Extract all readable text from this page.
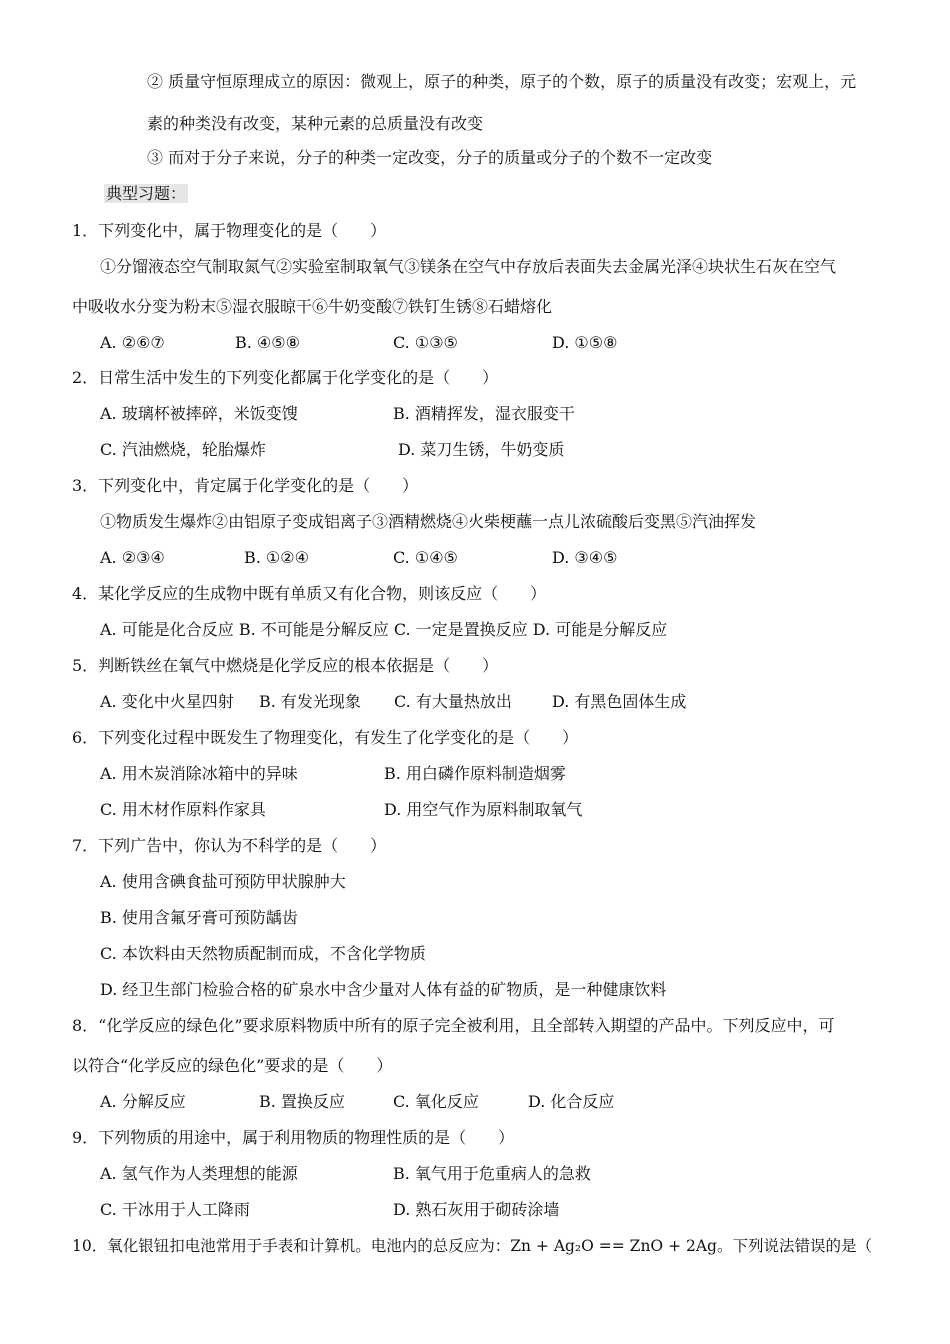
② 质量守恒原理成立的原因：微观上，原子的种类，原子的个数，原子的质量没有改变；宏观上，元
素的种类没有改变，某种元素的总质量没有改变
③ 而对于分子来说，分子的种类一定改变，分子的质量或分子的个数不一定改变
典型习题：
1．下列变化中，属于物理变化的是（　　）
①分馏液态空气制取氮气②实验室制取氧气③镁条在空气中存放后表面失去金属光泽④块状生石灰在空气
中吸收水分变为粉末⑤湿衣服晾干⑥牛奶变酸⑦铁钉生锈⑧石蜡熔化
A. ②⑥⑦	B. ④⑤⑧	C. ①③⑤	D. ①⑤⑧
2．日常生活中发生的下列变化都属于化学变化的是（　　）
A. 玻璃杯被摔碎，米饭变馊	B. 酒精挥发，湿衣服变干
C. 汽油燃烧，轮胎爆炸	D. 菜刀生锈，牛奶变质
3．下列变化中，肯定属于化学变化的是（　　）
①物质发生爆炸②由铝原子变成铝离子③酒精燃烧④火柴梗蘸一点儿浓硫酸后变黑⑤汽油挥发
A. ②③④	B. ①②④	C. ①④⑤	D. ③④⑤
4．某化学反应的生成物中既有单质又有化合物，则该反应（　　）
A. 可能是化合反应 B. 不可能是分解反应 C. 一定是置换反应 D. 可能是分解反应
5．判断铁丝在氧气中燃烧是化学反应的根本依据是（　　）
A. 变化中火星四射 B. 有发光现象 C. 有大量热放出	D. 有黑色固体生成
6．下列变化过程中既发生了物理变化，有发生了化学变化的是（　　）
A. 用木炭消除冰箱中的异味	B. 用白磷作原料制造烟雾
C. 用木材作原料作家具	D. 用空气作为原料制取氧气
7．下列广告中，你认为不科学的是（　　）
A. 使用含碘食盐可预防甲状腺肿大
B. 使用含氟牙膏可预防龋齿
C. 本饮料由天然物质配制而成，不含化学物质
D. 经卫生部门检验合格的矿泉水中含少量对人体有益的矿物质，是一种健康饮料
8．“化学反应的绿色化”要求原料物质中所有的原子完全被利用，且全部转入期望的产品中。下列反应中，可
以符合“化学反应的绿色化”要求的是（　　）
A. 分解反应	B. 置换反应	C. 氧化反应	D. 化合反应
9．下列物质的用途中，属于利用物质的物理性质的是（　　）
A. 氢气作为人类理想的能源	B. 氧气用于危重病人的急救
C. 干冰用于人工降雨	D. 熟石灰用于砌砖涂墙
10．氧化银钮扣电池常用于手表和计算机。电池内的总反应为：Zn + Ag₂O == ZnO + 2Ag。下列说法错误的是（
